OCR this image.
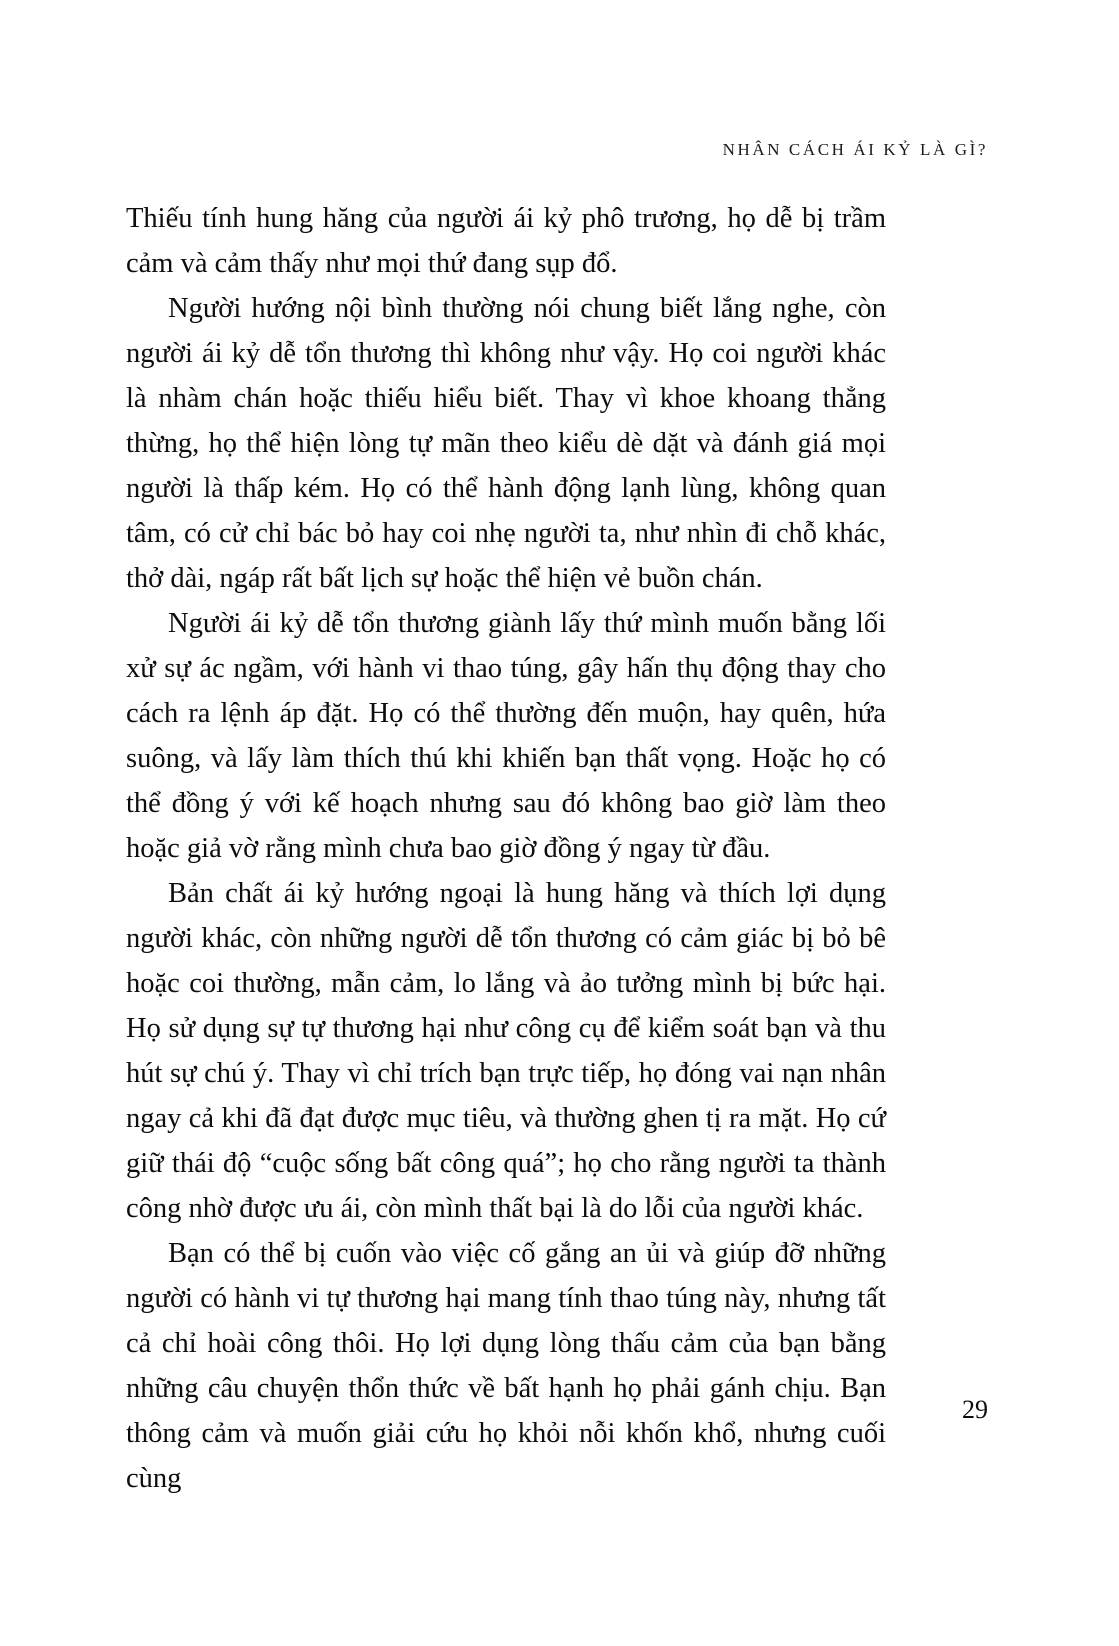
NHÂN CÁCH ÁI KỶ LÀ GÌ?

Thiếu tính hung hăng của người ái kỷ phô trương, họ dễ bị trầm cảm và cảm thấy như mọi thứ đang sụp đổ.

Người hướng nội bình thường nói chung biết lắng nghe, còn người ái kỷ dễ tổn thương thì không như vậy. Họ coi người khác là nhàm chán hoặc thiếu hiểu biết. Thay vì khoe khoang thẳng thừng, họ thể hiện lòng tự mãn theo kiểu dè dặt và đánh giá mọi người là thấp kém. Họ có thể hành động lạnh lùng, không quan tâm, có cử chỉ bác bỏ hay coi nhẹ người ta, như nhìn đi chỗ khác, thở dài, ngáp rất bất lịch sự hoặc thể hiện vẻ buồn chán.

Người ái kỷ dễ tổn thương giành lấy thứ mình muốn bằng lối xử sự ác ngầm, với hành vi thao túng, gây hấn thụ động thay cho cách ra lệnh áp đặt. Họ có thể thường đến muộn, hay quên, hứa suông, và lấy làm thích thú khi khiến bạn thất vọng. Hoặc họ có thể đồng ý với kế hoạch nhưng sau đó không bao giờ làm theo hoặc giả vờ rằng mình chưa bao giờ đồng ý ngay từ đầu.

Bản chất ái kỷ hướng ngoại là hung hăng và thích lợi dụng người khác, còn những người dễ tổn thương có cảm giác bị bỏ bê hoặc coi thường, mẫn cảm, lo lắng và ảo tưởng mình bị bức hại. Họ sử dụng sự tự thương hại như công cụ để kiểm soát bạn và thu hút sự chú ý. Thay vì chỉ trích bạn trực tiếp, họ đóng vai nạn nhân ngay cả khi đã đạt được mục tiêu, và thường ghen tị ra mặt. Họ cứ giữ thái độ “cuộc sống bất công quá”; họ cho rằng người ta thành công nhờ được ưu ái, còn mình thất bại là do lỗi của người khác.

Bạn có thể bị cuốn vào việc cố gắng an ủi và giúp đỡ những người có hành vi tự thương hại mang tính thao túng này, nhưng tất cả chỉ hoài công thôi. Họ lợi dụng lòng thấu cảm của bạn bằng những câu chuyện thổn thức về bất hạnh họ phải gánh chịu. Bạn thông cảm và muốn giải cứu họ khỏi nỗi khốn khổ, nhưng cuối cùng

29
